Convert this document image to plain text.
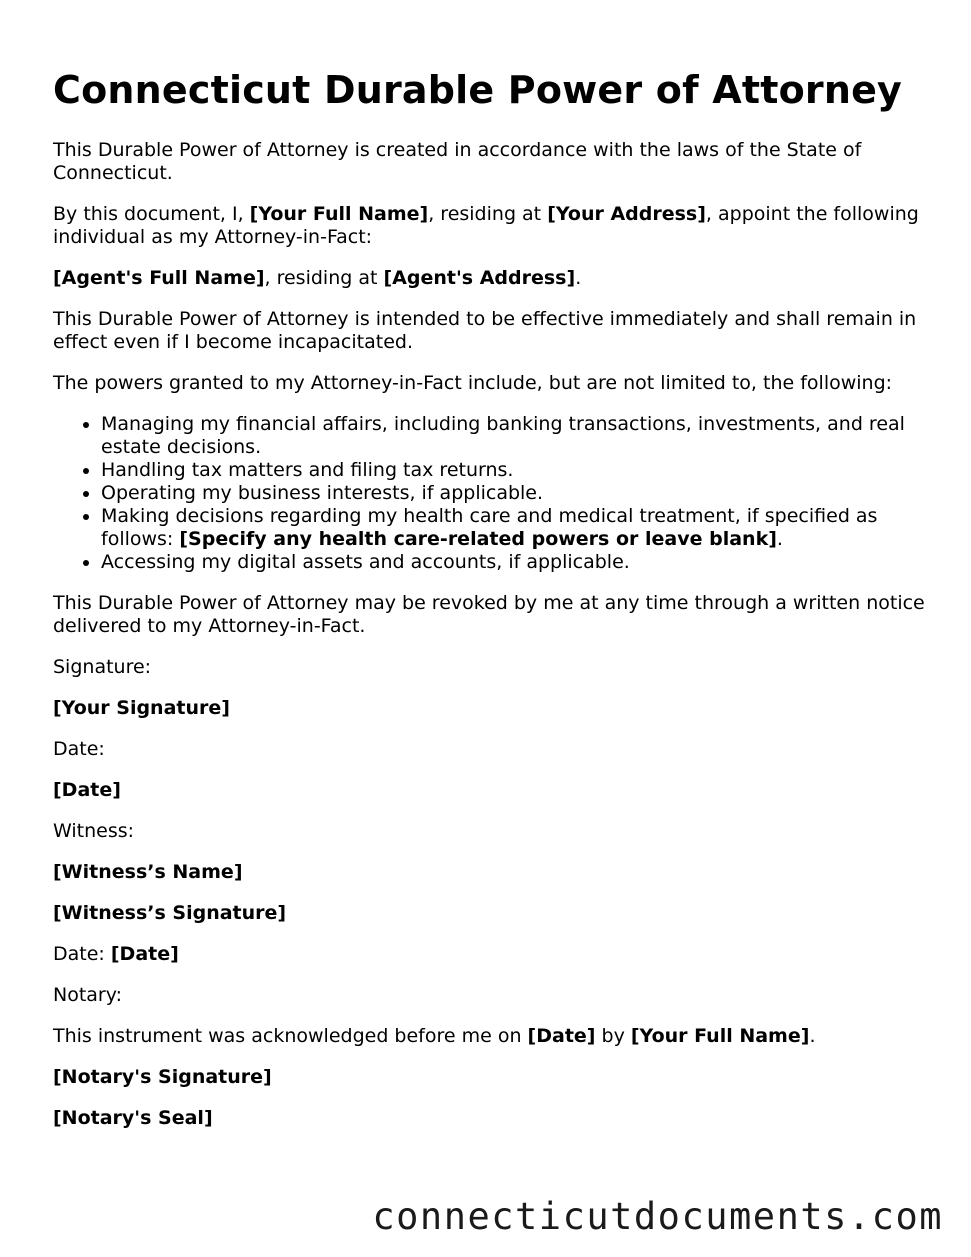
Connecticut Durable Power of Attorney

This Durable Power of Attorney is created in accordance with the laws of the State of Connecticut.

By this document, I, [Your Full Name], residing at [Your Address], appoint the following individual as my Attorney-in-Fact:

[Agent's Full Name], residing at [Agent's Address].

This Durable Power of Attorney is intended to be effective immediately and shall remain in effect even if I become incapacitated.

The powers granted to my Attorney-in-Fact include, but are not limited to, the following:

• Managing my financial affairs, including banking transactions, investments, and real estate decisions.
• Handling tax matters and filing tax returns.
• Operating my business interests, if applicable.
• Making decisions regarding my health care and medical treatment, if specified as follows: [Specify any health care-related powers or leave blank].
• Accessing my digital assets and accounts, if applicable.

This Durable Power of Attorney may be revoked by me at any time through a written notice delivered to my Attorney-in-Fact.

Signature:

[Your Signature]

Date:

[Date]

Witness:

[Witness’s Name]

[Witness’s Signature]

Date: [Date]

Notary:

This instrument was acknowledged before me on [Date] by [Your Full Name].

[Notary's Signature]

[Notary's Seal]

connecticutdocuments.com
